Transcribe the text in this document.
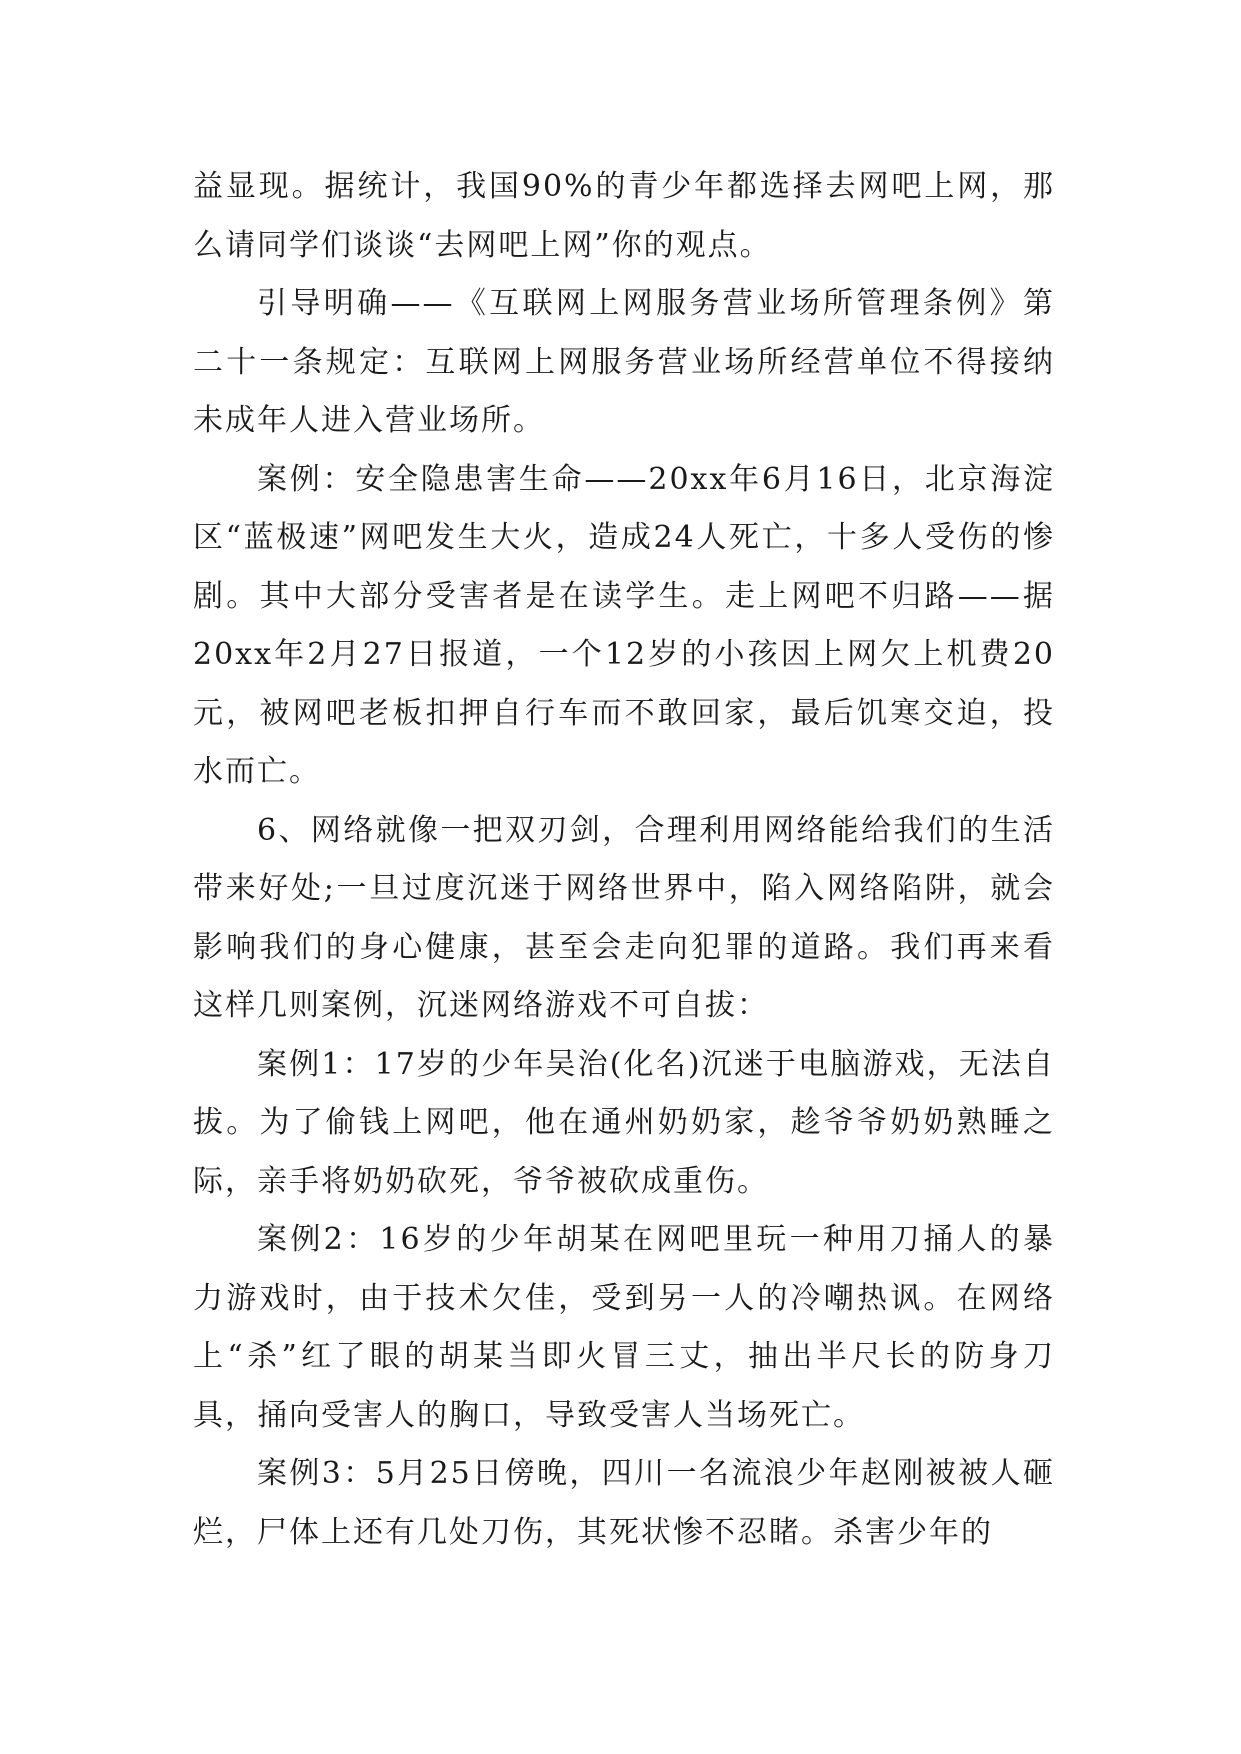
益显现。据统计，我国90%的青少年都选择去网吧上网，那么请同学们谈谈“去网吧上网”你的观点。

引导明确——《互联网上网服务营业场所管理条例》第二十一条规定：互联网上网服务营业场所经营单位不得接纳未成年人进入营业场所。

案例：安全隐患害生命——20xx年6月16日，北京海淀区“蓝极速”网吧发生大火，造成24人死亡，十多人受伤的惨剧。其中大部分受害者是在读学生。走上网吧不归路——据20xx年2月27日报道，一个12岁的小孩因上网欠上机费20元，被网吧老板扣押自行车而不敢回家，最后饥寒交迫，投水而亡。

6、网络就像一把双刃剑，合理利用网络能给我们的生活带来好处;一旦过度沉迷于网络世界中，陷入网络陷阱，就会影响我们的身心健康，甚至会走向犯罪的道路。我们再来看这样几则案例，沉迷网络游戏不可自拔：

案例1：17岁的少年吴治(化名)沉迷于电脑游戏，无法自拔。为了偷钱上网吧，他在通州奶奶家，趁爷爷奶奶熟睡之际，亲手将奶奶砍死，爷爷被砍成重伤。

案例2：16岁的少年胡某在网吧里玩一种用刀捅人的暴力游戏时，由于技术欠佳，受到另一人的冷嘲热讽。在网络上“杀”红了眼的胡某当即火冒三丈，抽出半尺长的防身刀具，捅向受害人的胸口，导致受害人当场死亡。

案例3：5月25日傍晚，四川一名流浪少年赵刚被被人砸烂，尸体上还有几处刀伤，其死状惨不忍睹。杀害少年的
